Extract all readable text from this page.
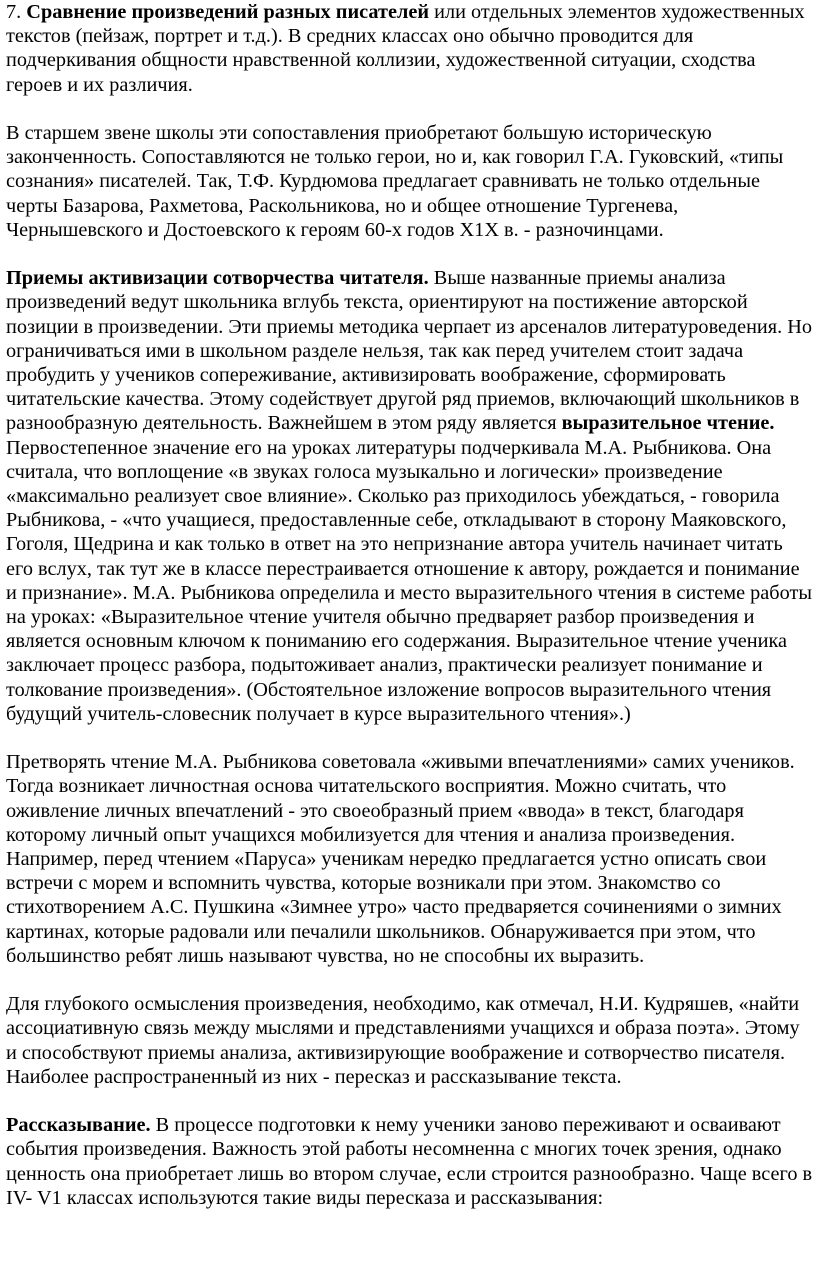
7. Сравнение произведений разных писателей или отдельных элементов художественных текстов (пейзаж, портрет и т.д.). В средних классах оно обычно проводится для подчеркивания общности нравственной коллизии, художественной ситуации, сходства героев и их различия.

В старшем звене школы эти сопоставления приобретают большую историческую законченность. Сопоставляются не только герои, но и, как говорил Г.А. Гуковский, «типы сознания» писателей. Так, Т.Ф. Курдюмова предлагает сравнивать не только отдельные черты Базарова, Рахметова, Раскольникова, но и общее отношение Тургенева, Чернышевского и Достоевского к героям 60-х годов Х1Х в. - разночинцами.

Приемы активизации сотворчества читателя. Выше названные приемы анализа произведений ведут школьника вглубь текста, ориентируют на постижение авторской позиции в произведении. Эти приемы методика черпает из арсеналов литературоведения. Но ограничиваться ими в школьном разделе нельзя, так как перед учителем стоит задача пробудить у учеников сопереживание, активизировать воображение, сформировать читательские качества. Этому содействует другой ряд приемов, включающий школьников в разнообразную деятельность. Важнейшем в этом ряду является выразительное чтение. Первостепенное значение его на уроках литературы подчеркивала М.А. Рыбникова. Она считала, что воплощение «в звуках голоса музыкально и логически» произведение «максимально реализует свое влияние». Сколько раз приходилось убеждаться, - говорила Рыбникова, - «что учащиеся, предоставленные себе, откладывают в сторону Маяковского, Гоголя, Щедрина и как только в ответ на это непризнание автора учитель начинает читать его вслух, так тут же в классе перестраивается отношение к автору, рождается и понимание и признание». М.А. Рыбникова определила и место выразительного чтения в системе работы на уроках: «Выразительное чтение учителя обычно предваряет разбор произведения и является основным ключом к пониманию его содержания. Выразительное чтение ученика заключает процесс разбора, подытоживает анализ, практически реализует понимание и толкование произведения». (Обстоятельное изложение вопросов выразительного чтения будущий учитель-словесник получает в курсе выразительного чтения».)

Претворять чтение М.А. Рыбникова советовала «живыми впечатлениями» самих учеников. Тогда возникает личностная основа читательского восприятия. Можно считать, что оживление личных впечатлений - это своеобразный прием «ввода» в текст, благодаря которому личный опыт учащихся мобилизуется для чтения и анализа произведения. Например, перед чтением «Паруса» ученикам нередко предлагается устно описать свои встречи с морем и вспомнить чувства, которые возникали при этом. Знакомство со стихотворением А.С. Пушкина «Зимнее утро» часто предваряется сочинениями о зимних картинах, которые радовали или печалили школьников. Обнаруживается при этом, что большинство ребят лишь называют чувства, но не способны их выразить.

Для глубокого осмысления произведения, необходимо, как отмечал, Н.И. Кудряшев, «найти ассоциативную связь между мыслями и представлениями учащихся и образа поэта». Этому и способствуют приемы анализа, активизирующие воображение и сотворчество писателя. Наиболее распространенный из них - пересказ и рассказывание текста.

Рассказывание. В процессе подготовки к нему ученики заново переживают и осваивают события произведения. Важность этой работы несомненна с многих точек зрения, однако ценность она приобретает лишь во втором случае, если строится разнообразно. Чаще всего в IV- V1 классах используются такие виды пересказа и рассказывания:
